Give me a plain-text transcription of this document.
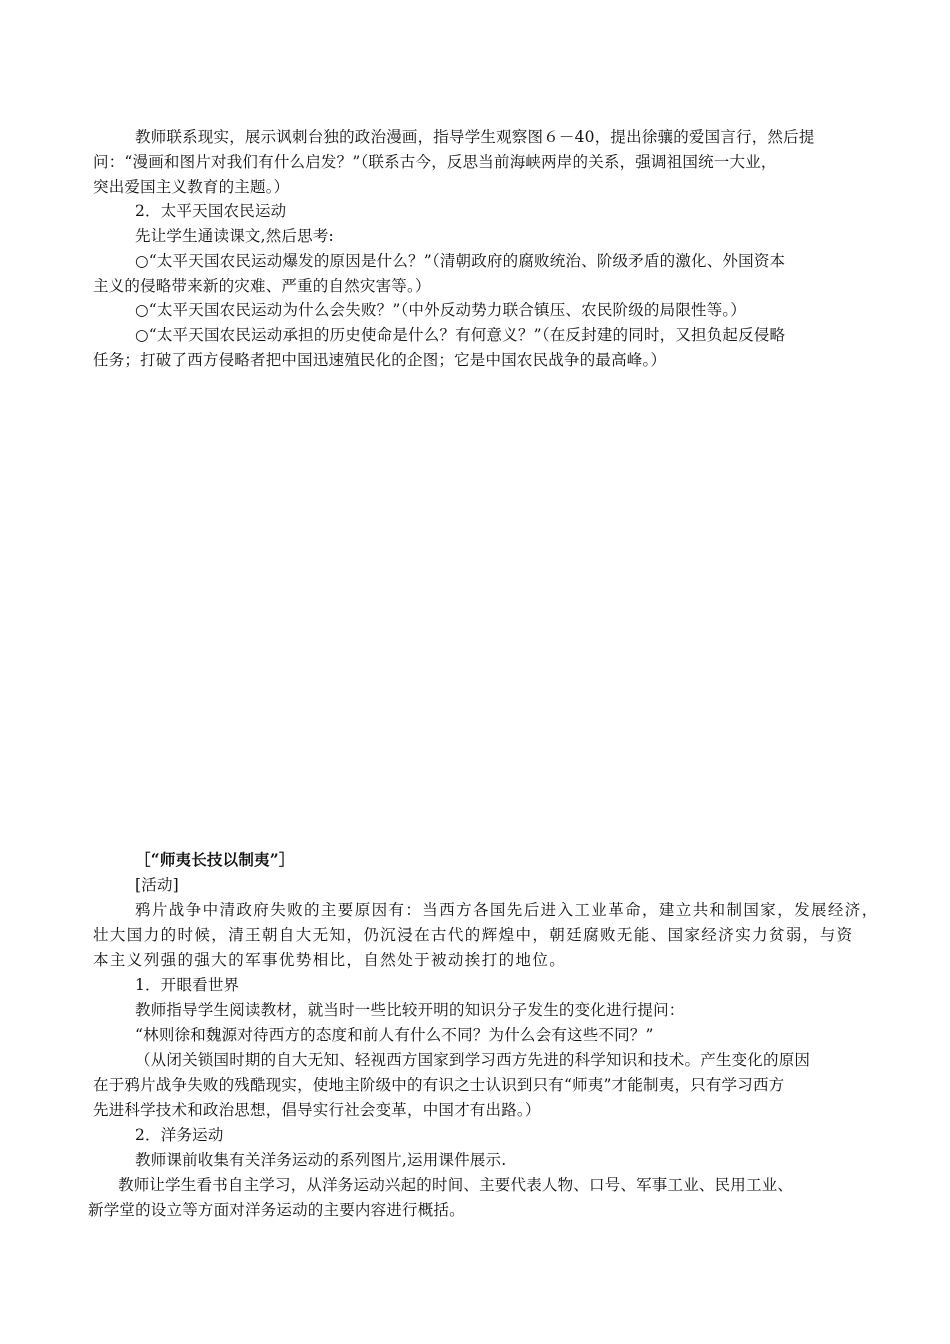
教师联系现实，展示讽刺台独的政治漫画，指导学生观察图６－40，提出徐骧的爱国言行，然后提
问：“漫画和图片对我们有什么启发？”（联系古今，反思当前海峡两岸的关系，强调祖国统一大业，
突出爱国主义教育的主题。）
2．太平天国农民运动
先让学生通读课文,然后思考:
○“太平天国农民运动爆发的原因是什么？”（清朝政府的腐败统治、阶级矛盾的激化、外国资本
主义的侵略带来新的灾难、严重的自然灾害等。）
○“太平天国农民运动为什么会失败？”（中外反动势力联合镇压、农民阶级的局限性等。）
○“太平天国农民运动承担的历史使命是什么？有何意义？”（在反封建的同时，又担负起反侵略
任务；打破了西方侵略者把中国迅速殖民化的企图；它是中国农民战争的最高峰。）
［“师夷长技以制夷”］
[活动]
鸦片战争中清政府失败的主要原因有：当西方各国先后进入工业革命，建立共和制国家，发展经济，
壮大国力的时候，清王朝自大无知，仍沉浸在古代的辉煌中，朝廷腐败无能、国家经济实力贫弱，与资
本主义列强的强大的军事优势相比，自然处于被动挨打的地位。
1．开眼看世界
教师指导学生阅读教材，就当时一些比较开明的知识分子发生的变化进行提问：
“林则徐和魏源对待西方的态度和前人有什么不同？为什么会有这些不同？”
（从闭关锁国时期的自大无知、轻视西方国家到学习西方先进的科学知识和技术。产生变化的原因
在于鸦片战争失败的残酷现实，使地主阶级中的有识之士认识到只有“师夷”才能制夷，只有学习西方
先进科学技术和政治思想，倡导实行社会变革，中国才有出路。）
2．洋务运动
教师课前收集有关洋务运动的系列图片,运用课件展示.
教师让学生看书自主学习，从洋务运动兴起的时间、主要代表人物、口号、军事工业、民用工业、
新学堂的设立等方面对洋务运动的主要内容进行概括。
